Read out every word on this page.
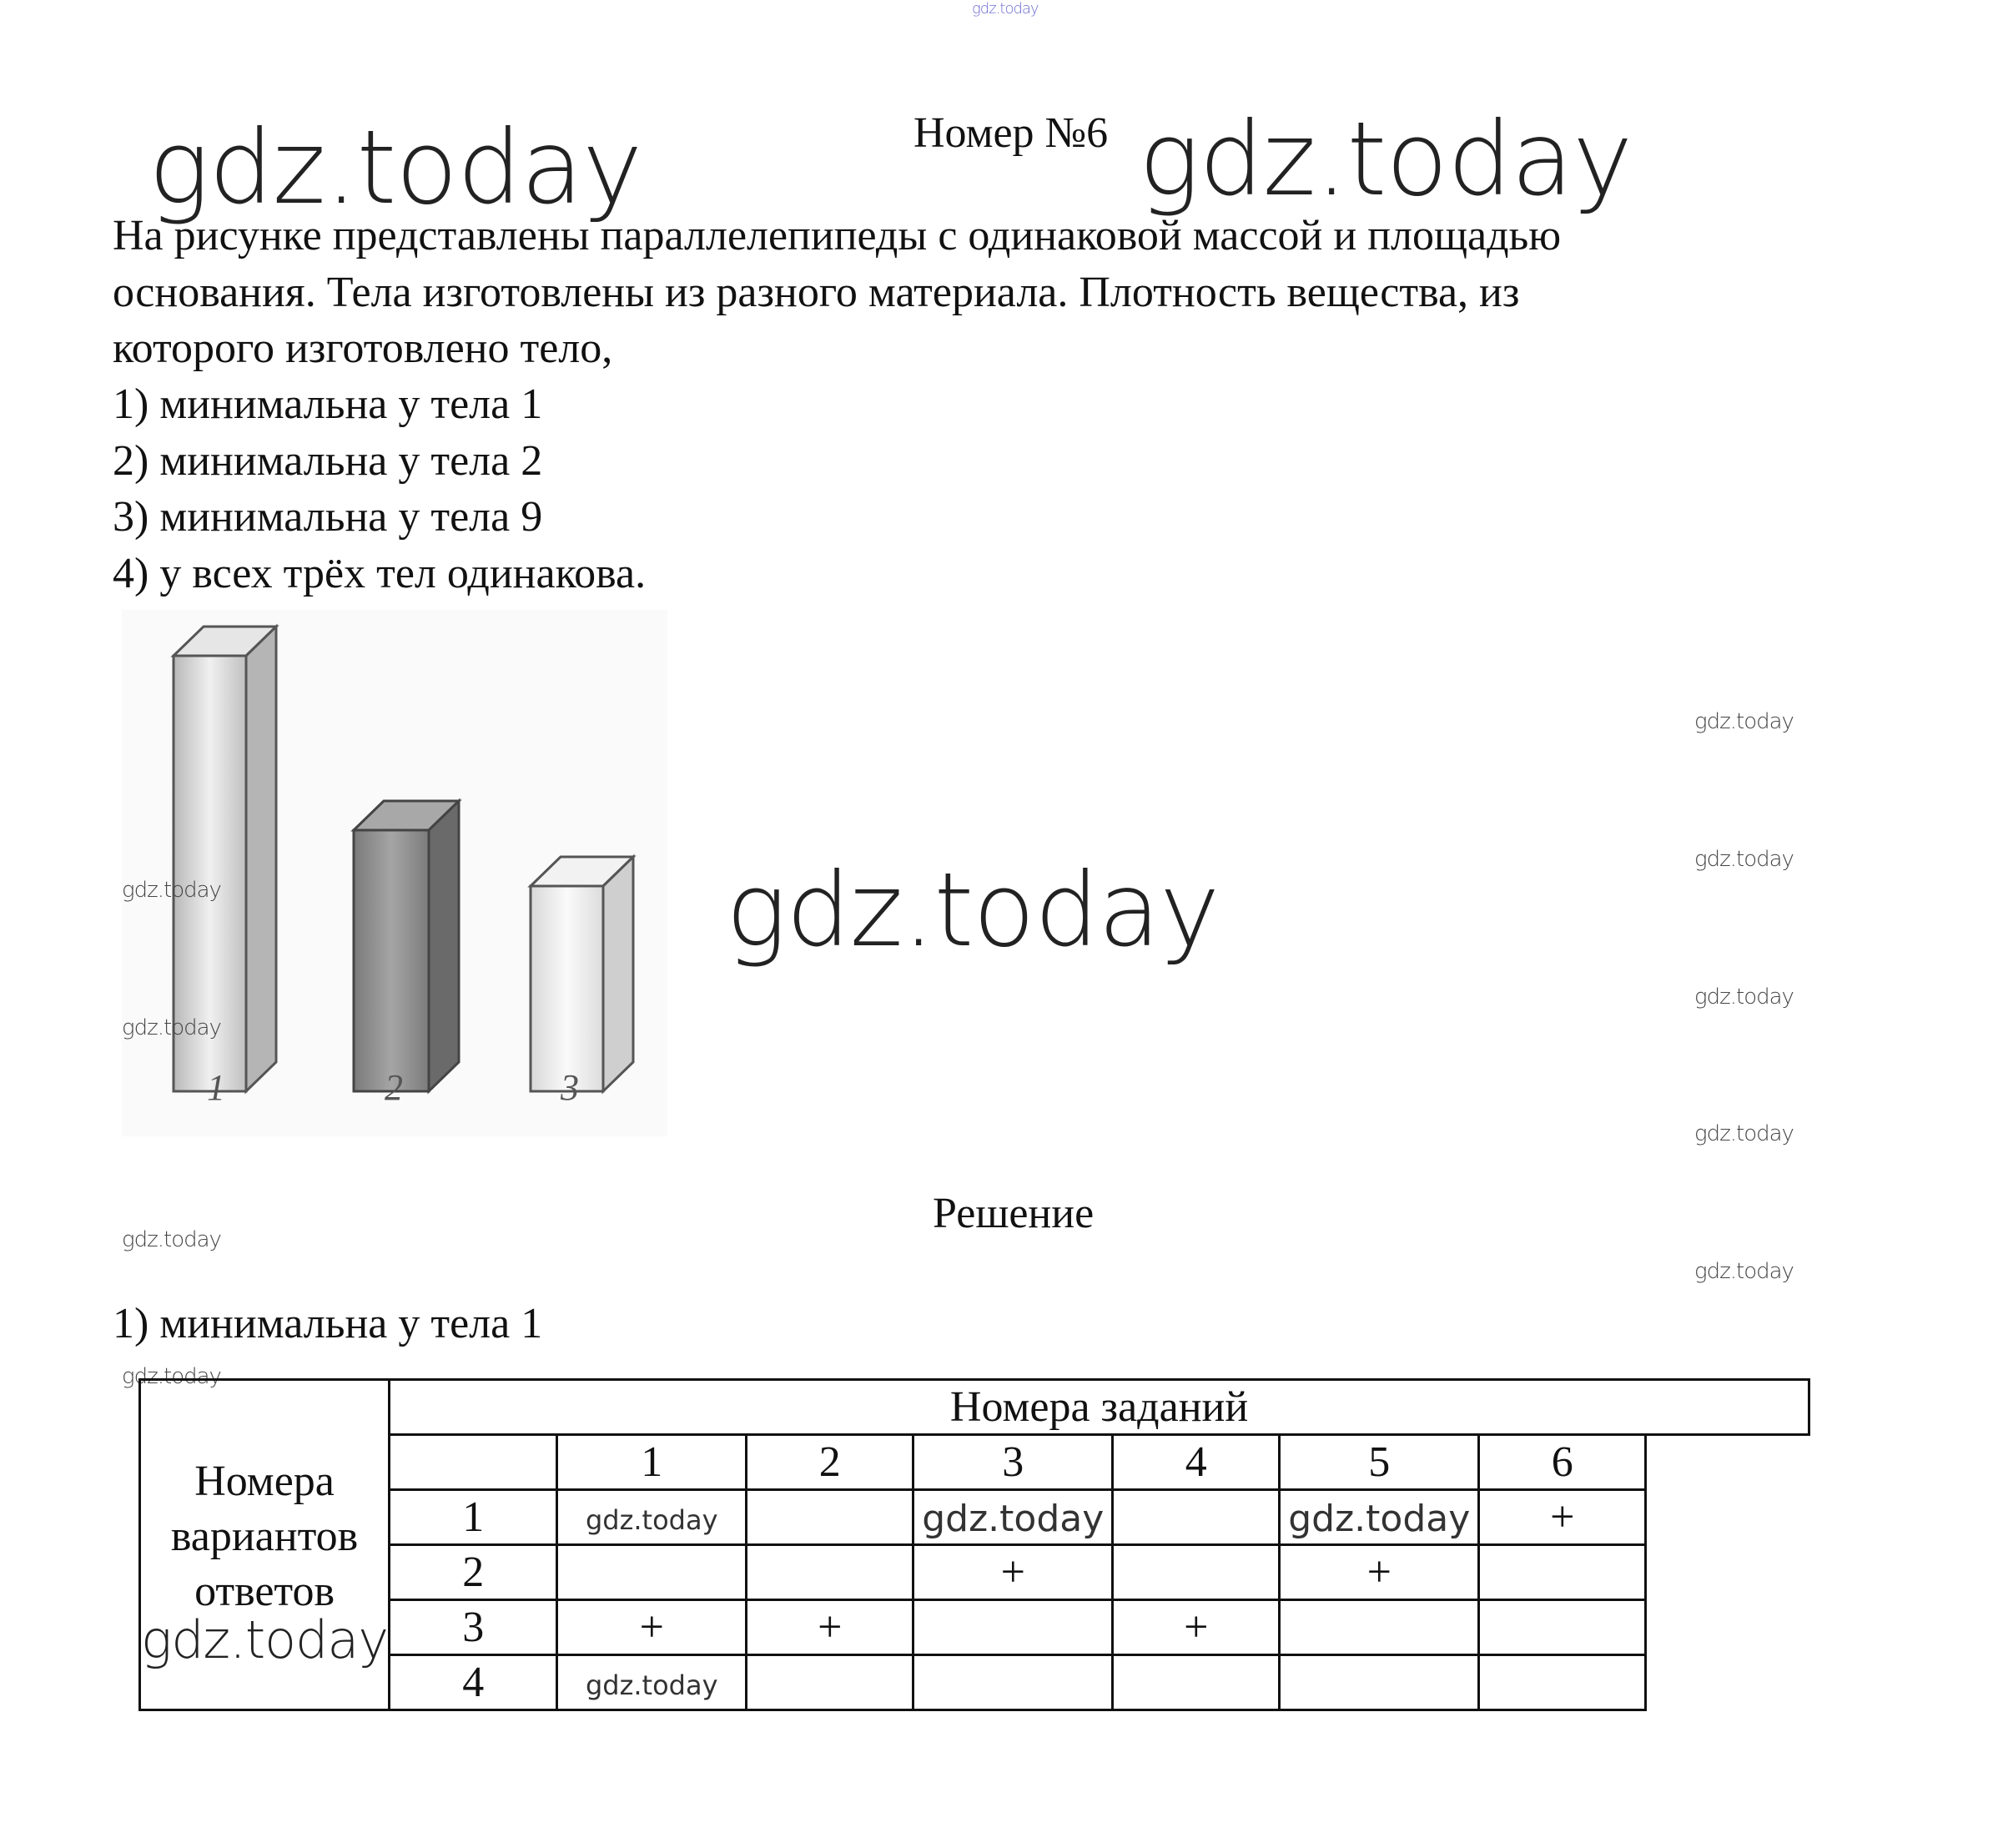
gdz.today
Номер №6
gdz.today	gdz.today
gdz.today
На рисунке представлены параллелепипеды с одинаковой массой и площадью
основания. Тела изготовлены из разного материала. Плотность вещества, из
которого изготовлено тело,
1) минимальна у тела 1
2) минимальна у тела 2
3) минимальна у тела 9
4) у всех трёх тел одинакова.
1	2	3
gdz.today
gdz.today
gdz.today
gdz.today
gdz.today
gdz.today
gdz.today
gdz.today
gdz.today
Решение
1) минимальна у тела 1
Номера
вариантов
ответов
gdz.today	Номера заданий						
		1	2	3	4	5	6
	1	gdz.today		gdz.today		gdz.today	+
	2			+		+	
	3	+	+		+		
	4	gdz.today					
